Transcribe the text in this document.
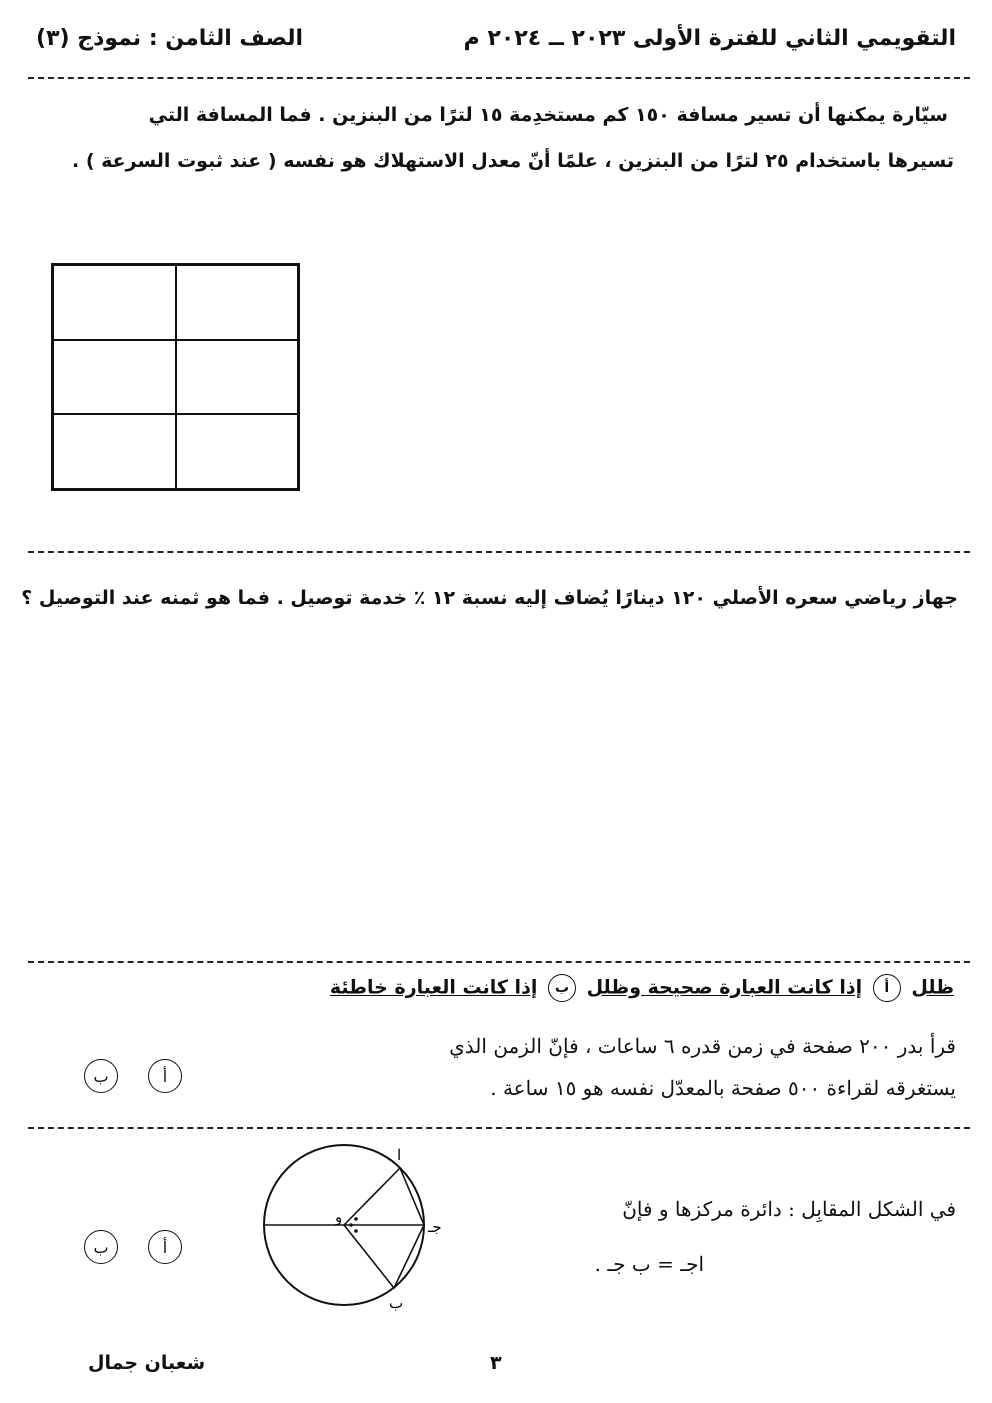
التقويمي الثاني للفترة الأولى ٢٠٢٣ ــ ٢٠٢٤ م
الصف الثامن : نموذج (٣)
سيّارة يمكنها أن تسير مسافة ١٥٠ كم مستخدِمة ١٥ لترًا من البنزين . فما المسافة التي
تسيرها باستخدام ٢٥ لترًا من البنزين ، علمًا أنّ معدل الاستهلاك هو نفسه ( عند ثبوت السرعة ) .
جهاز رياضي سعره الأصلي ١٢٠ دينارًا يُضاف إليه نسبة ١٢ ٪ خدمة توصيل . فما هو ثمنه عند التوصيل ؟
ظلل أ إذا كانت العبارة صحيحة وظلل ب إذا كانت العبارة خاطئة
قرأ بدر ٢٠٠ صفحة في زمن قدره ٦ ساعات ، فإنّ الزمن الذي
يستغرقه لقراءة ٥٠٠ صفحة بالمعدّل نفسه هو ١٥ ساعة .
أ
ب
في الشكل المقابِل : دائرة مركزها و فإنّ
اجـ = ب جـ .
أ
ب
و
ا
ب
جـ
شعبان جمال	٣
